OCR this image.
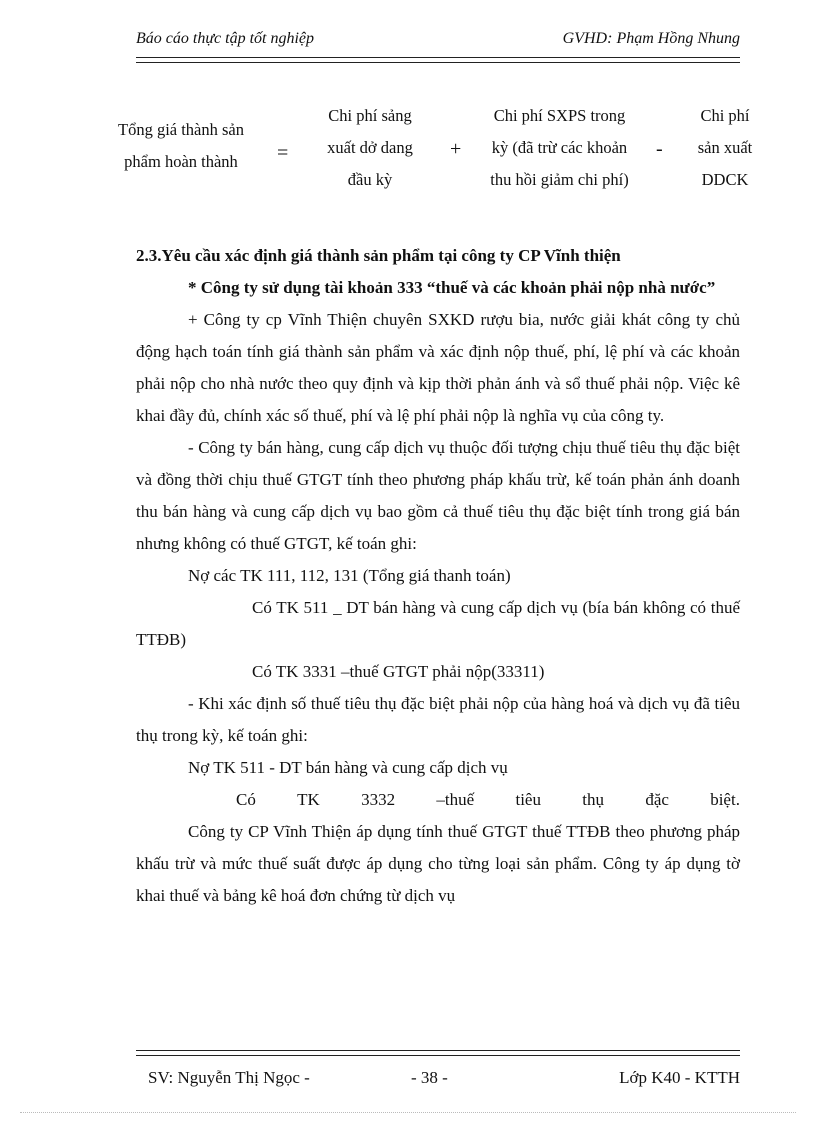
Báo cáo thực tập tốt nghiệp	GVHD: Phạm Hồng Nhung
Tổng giá thành sản
phẩm hoàn thành	=
Chi phí sảng
xuất dở dang
đầu kỳ
+
Chi phí SXPS trong
kỳ (đã trừ các khoản
thu hồi giảm chi phí)
-
Chi phí
sản xuất
DDCK
2.3.Yêu cầu xác định giá thành sản phẩm tại công ty CP Vĩnh thiện
* Công ty sử dụng tài khoản 333 “thuế và các khoản phải nộp nhà nước”
+ Công ty cp Vĩnh Thiện chuyên SXKD rượu bia, nước giải khát công ty chủ động hạch toán tính giá thành sản phẩm và xác định nộp thuế, phí, lệ phí và các khoản phải nộp cho nhà nước theo quy định và kịp thời phản ánh và sổ thuế phải nộp. Việc kê khai đầy đủ, chính xác số thuế, phí và lệ phí phải nộp là nghĩa vụ của công ty.
- Công ty bán hàng, cung cấp dịch vụ thuộc đối tượng chịu thuế tiêu thụ đặc biệt và đồng thời chịu thuế GTGT tính theo phương pháp khấu trừ, kế toán phản ánh doanh thu bán hàng và cung cấp dịch vụ bao gồm cả thuế tiêu thụ đặc biệt tính trong giá bán nhưng không có thuế GTGT, kế toán ghi:
Nợ các TK 111, 112, 131 (Tổng giá thanh toán)
Có TK 511 _ DT bán hàng và cung cấp dịch vụ (bía bán không có thuế TTĐB)
Có TK 3331 –thuế GTGT phải nộp(33311)
- Khi xác định số thuế tiêu thụ đặc biệt phải nộp của hàng hoá và dịch vụ đã tiêu thụ trong kỳ, kế toán ghi:
Nợ TK 511 - DT bán hàng và cung cấp dịch vụ
Có TK 3332 –thuế tiêu thụ đặc biệt.
Công ty CP Vĩnh Thiện áp dụng tính thuế GTGT thuế TTĐB theo phương pháp khấu trừ và mức thuế suất được áp dụng cho từng loại sản phẩm. Công ty áp dụng tờ khai thuế và bảng kê hoá đơn chứng từ dịch vụ
SV: Nguyễn Thị Ngọc -	- 38 -	Lớp K40 - KTTH
